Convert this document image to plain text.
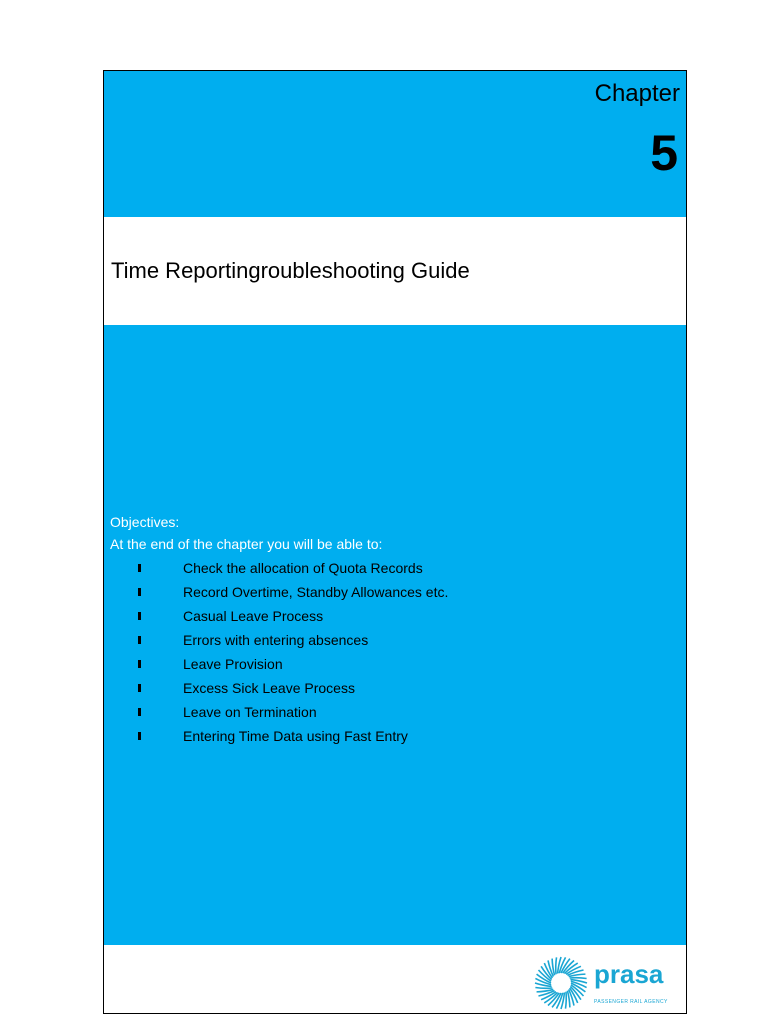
Chapter
5
Time Reportingroubleshooting Guide
Objectives:
At the end of the chapter you will be able to:
Check the allocation of Quota Records
Record Overtime, Standby Allowances etc.
Casual Leave Process
Errors with entering absences
Leave Provision
Excess Sick Leave Process
Leave on Termination
Entering Time Data using Fast Entry
prasa
PASSENGER RAIL AGENCY
